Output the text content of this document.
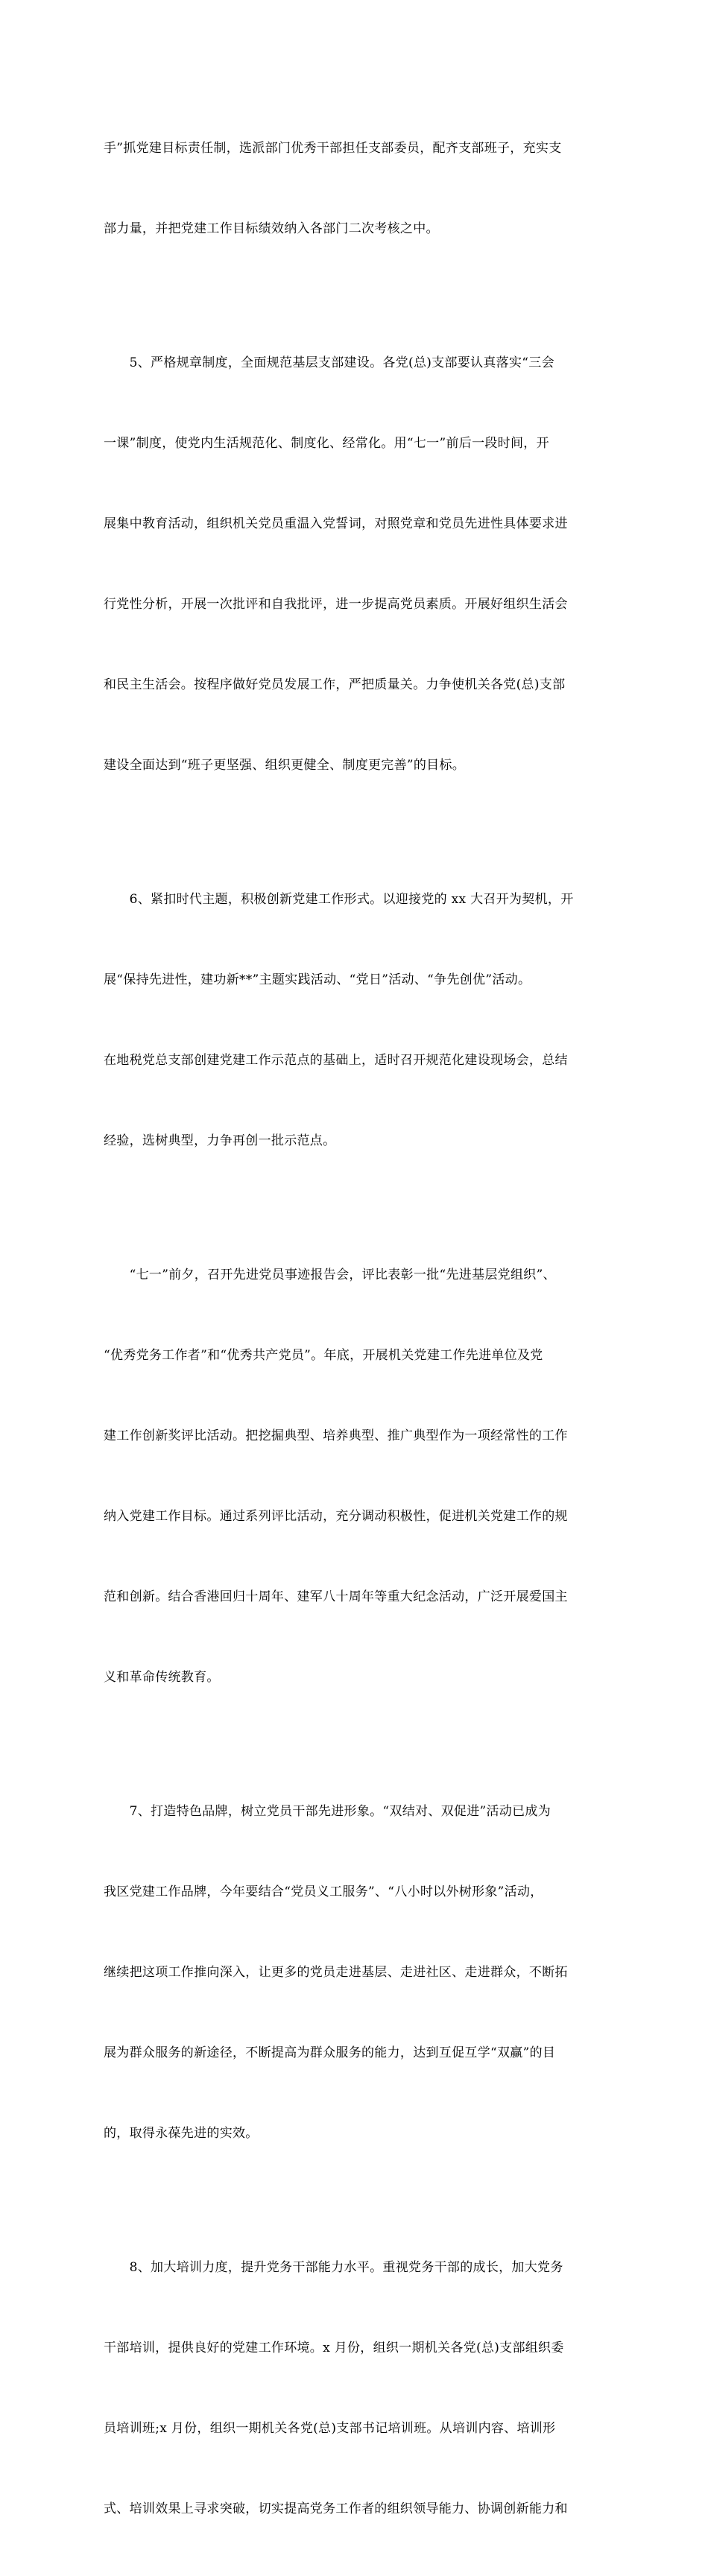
手”抓党建目标责任制，选派部门优秀干部担任支部委员，配齐支部班子，充实支

部力量，并把党建工作目标绩效纳入各部门二次考核之中。

　　5、严格规章制度，全面规范基层支部建设。各党(总)支部要认真落实“三会

一课”制度，使党内生活规范化、制度化、经常化。用“七一”前后一段时间，开

展集中教育活动，组织机关党员重温入党誓词，对照党章和党员先进性具体要求进

行党性分析，开展一次批评和自我批评，进一步提高党员素质。开展好组织生活会

和民主生活会。按程序做好党员发展工作，严把质量关。力争使机关各党(总)支部

建设全面达到“班子更坚强、组织更健全、制度更完善”的目标。

　　6、紧扣时代主题，积极创新党建工作形式。以迎接党的 xx 大召开为契机，开

展“保持先进性，建功新**”主题实践活动、“党日”活动、“争先创优”活动。

在地税党总支部创建党建工作示范点的基础上，适时召开规范化建设现场会，总结

经验，选树典型，力争再创一批示范点。

　　“七一”前夕，召开先进党员事迹报告会，评比表彰一批“先进基层党组织”、

“优秀党务工作者”和“优秀共产党员”。年底，开展机关党建工作先进单位及党

建工作创新奖评比活动。把挖掘典型、培养典型、推广典型作为一项经常性的工作

纳入党建工作目标。通过系列评比活动，充分调动积极性，促进机关党建工作的规

范和创新。结合香港回归十周年、建军八十周年等重大纪念活动，广泛开展爱国主

义和革命传统教育。

　　7、打造特色品牌，树立党员干部先进形象。“双结对、双促进”活动已成为

我区党建工作品牌，今年要结合“党员义工服务”、“八小时以外树形象”活动，

继续把这项工作推向深入，让更多的党员走进基层、走进社区、走进群众，不断拓

展为群众服务的新途径，不断提高为群众服务的能力，达到互促互学“双赢”的目

的，取得永葆先进的实效。

　　8、加大培训力度，提升党务干部能力水平。重视党务干部的成长，加大党务

干部培训，提供良好的党建工作环境。x 月份，组织一期机关各党(总)支部组织委

员培训班;x 月份，组织一期机关各党(总)支部书记培训班。从培训内容、培训形

式、培训效果上寻求突破，切实提高党务工作者的组织领导能力、协调创新能力和
